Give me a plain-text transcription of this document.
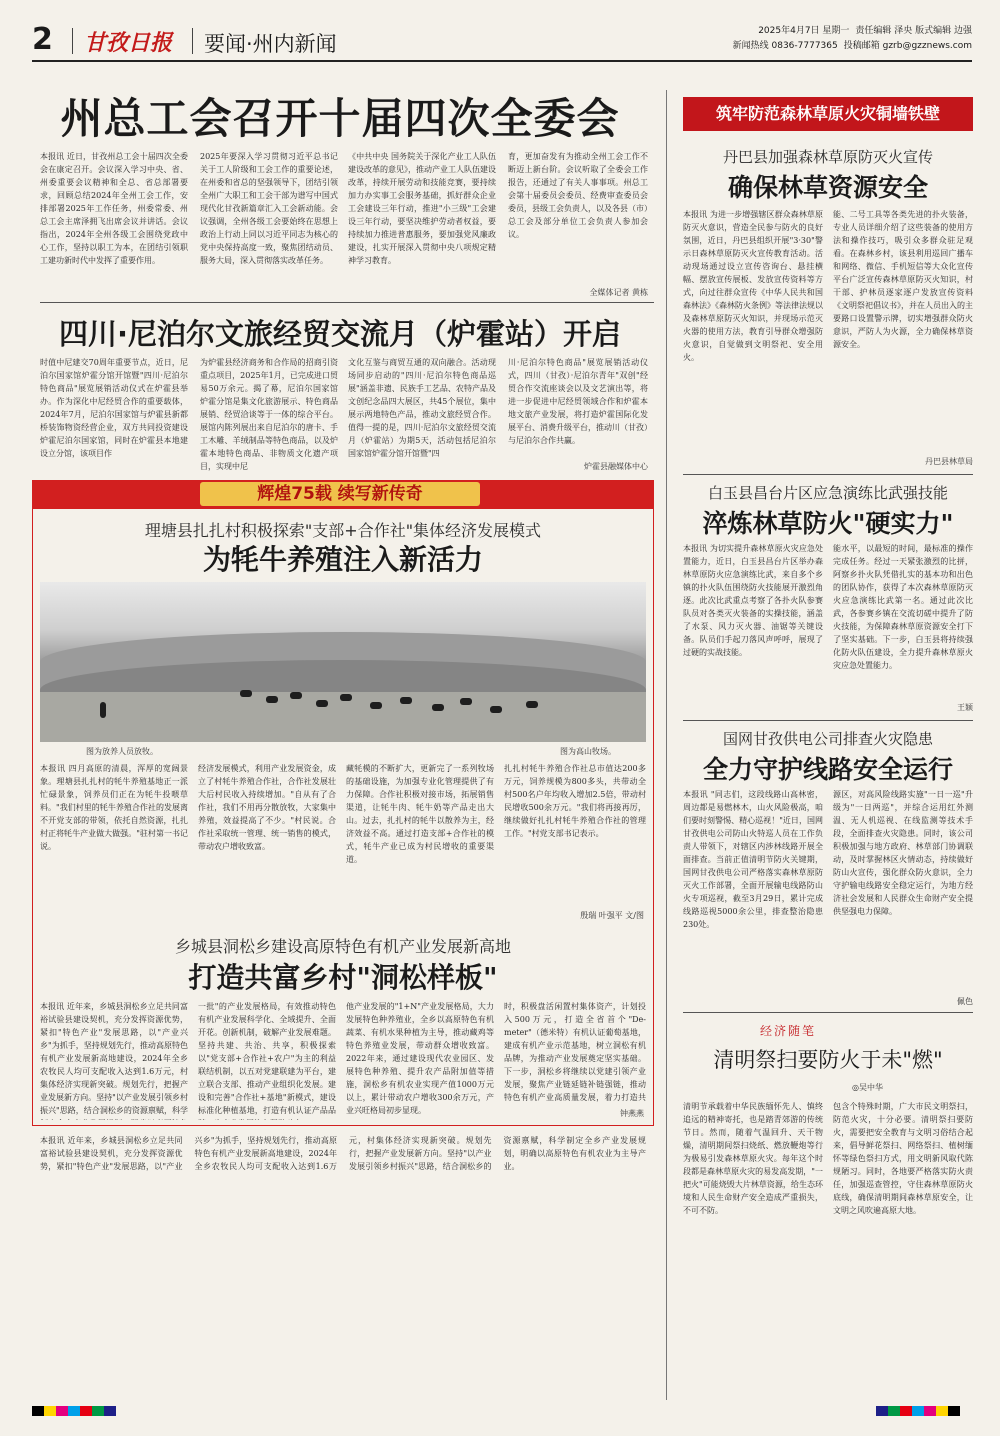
2 甘孜日报 要闻·州内新闻
2025年4月7日 星期一 责任编辑 泽央 版式编辑 边强
新闻热线 0836-7777365 投稿邮箱 gzrb@gzznews.com
州总工会召开十届四次全委会
本报讯 近日，甘孜州总工会十届四次全委会在康定召开。会议深入学习中央、省、州委重要会议精神和全总、省总部署要求，回顾总结2024年全州工会工作，安排部署2025年工作任务，州委常委、州总工会主席泽拥飞出席会议并讲话。会议指出，2024年全州各级工会围绕党政中心工作，坚持以职工为本，在团结引领职工建功新时代中发挥了重要作用。
2025年要深入学习贯彻习近平总书记关于工人阶级和工会工作的重要论述，在州委和省总的坚强领导下，团结引领全州广大职工和工会干部为谱写中国式现代化甘孜新篇章汇入工会新动能。会议强调，全州各级工会要始终在思想上政治上行动上同以习近平同志为核心的党中央保持高度一致，聚焦团结动员、服务大局，深入贯彻落实改革任务。
《中共中央 国务院关于深化产业工人队伍建设改革的意见》，推动产业工人队伍建设改革，持续开展劳动和技能竞赛，要持续加力办实事工会服务基础，抓好群众企业工会建设三年行动，推进"小三级"工会建设三年行动，要坚决维护劳动者权益，要持续加力推进普惠服务，要加强党风廉政建设，扎实开展深入贯彻中央八项规定精神学习教育。
育，更加奋发有为推动全州工会工作不断迈上新台阶。会议听取了全委会工作报告，还通过了有关人事事项。州总工会第十届委员会委员、经费审查委员会委员，县级工会负责人，以及各县（市）总工会及部分单位工会负责人参加会议。
全媒体记者 黄栋
四川·尼泊尔文旅经贸交流月（炉霍站）开启
时值中尼建交70周年重要节点，近日，尼泊尔国家馆炉霍分馆开馆暨"四川·尼泊尔特色商品"展览展销活动仪式在炉霍县举办。作为深化中尼经贸合作的重要载体，2024年7月，尼泊尔国家馆与炉霍县新都桥装饰物资经营企业，双方共同投资建设炉霍尼泊尔国家馆，同时在炉霍县本地建设立分馆，该项目作
为炉霍县经济商务和合作局的招商引资重点项目，2025年1月，已完成进口贸易50万余元。揭了幕，尼泊尔国家馆炉霍分馆是集文化旅游展示、特色商品展销、经贸洽谈等于一体的综合平台。展馆内陈列展出来自尼泊尔的唐卡、手工木雕、羊绒制品等特色商品，以及炉霍本地特色商品、非物质文化遗产项目，实现中尼
文化互鉴与商贸互通的双向融合。活动现场同步启动的"四川·尼泊尔特色商品巡展"涵盖非遗、民族手工艺品、农特产品及文创纪念品四大展区，共45个展位，集中展示两地特色产品，推动文旅经贸合作。值得一提的是，四川·尼泊尔文旅经贸交流月（炉霍站）为期5天，活动包括尼泊尔国家馆炉霍分馆开馆暨"四
川·尼泊尔特色商品"展览展销活动仪式，四川（甘孜）·尼泊尔青年"双创"经贸合作交流座谈会以及文艺演出等，将进一步促进中尼经贸领域合作和炉霍本地文旅产业发展，将打造炉霍国际化发展平台、消费升级平台，推动川（甘孜）与尼泊尔合作共赢。
炉霍县融媒体中心
辉煌75载 续写新传奇
理塘县扎扎村积极探索"支部+合作社"集体经济发展模式
为牦牛养殖注入新活力
图为放养人员放牧。	图为高山牧场。
本报讯 四月高原的清晨，浑厚的宽阔景象。理塘县扎扎村的牦牛养殖基地正一派忙碌景象，饲养员们正在为牦牛投喂草料。"我们村里的牦牛养殖合作社的发展离不开党支部的带领，依托自然资源，扎扎村正将牦牛产业做大做强。"驻村第一书记说。
经济发展模式，利用产业发展资金，成立了村牦牛养殖合作社，合作社发展壮大后村民收入持续增加。"自从有了合作社，我们不用再分散放牧，大家集中养殖，效益提高了不少。"村民说。合作社采取统一管理、统一销售的模式，带动农户增收致富。
藏牦模的不断扩大，更新完了一系列牧场的基础设施，为加强专业化管理提供了有力保障。合作社积极对接市场，拓展销售渠道，让牦牛肉、牦牛奶等产品走出大山。过去，扎扎村的牦牛以散养为主，经济效益不高。通过打造支部+合作社的模式，牦牛产业已成为村民增收的重要渠道。
扎扎村牦牛养殖合作社总市值达200多万元，饲养规模为800多头，共带动全村500名户年均收入增加2.5倍，带动村民增收500余万元。"我们将再接再厉，继续做好扎扎村牦牛养殖合作社的管理工作。"村党支部书记表示。
殷瑞 叶强平 文/图
乡城县洞松乡建设高原特色有机产业发展新高地
打造共富乡村"洞松样板"
本报讯 近年来，乡城县洞松乡立足共同富裕试验县建设契机，充分发挥资源优势，紧扣"特色产业"发展思路，以"产业兴乡"为抓手，坚持规划先行，推动高原特色有机产业发展新高地建设，2024年全乡农牧民人均可支配收入达到1.6万元，村集体经济实现新突破。规划先行，把握产业发展新方向。坚持"以产业发展引领乡村振兴"思路，结合洞松乡的资源禀赋，科学
一批"的产业发展格局，有效推动特色有机产业发展科学化、全域提升、全面开花。创新机制，破解产业发展难题。坚持共建、共治、共享，积极探索以"党支部+合作社+农户"为主的利益联结机制，以五对党建联建为平台，建立联合支部、推动产业组织化发展。建设和完善"合作社+基地"新模式，建设标准化种植基地，打造有机认证产品品
他产业发展的"1+N"产业发展格局，大力发展特色种养殖业，全乡以高原特色有机蔬菜、有机水果种植为主导，推动藏鸡等特色养殖业发展，带动群众增收致富。2022年来，通过建设现代农业园区、发展特色种养殖、提升农产品附加值等措施，洞松乡有机农业实现产值1000万元以上，累计带动农户增收300余万元，产业兴旺格局初步显现。
时，积极盘活闲置村集体资产，计划投入500万元，打造全省首个"De-meter"（德米特）有机认证葡萄基地，建成有机产业示范基地，树立洞松有机品牌，为推动产业发展奠定坚实基础。下一步，洞松乡将继续以党建引领产业发展，聚焦产业链延链补链强链，推动特色有机产业高质量发展，着力打造共
钟燕燕
本报讯 近年来，乡城县洞松乡立足共同富裕试验县建设契机，充分发挥资源优势，紧扣"特色产业"发展思路，以"产业兴乡"为抓手，坚持规划先行，推动高原特色有机产业发展新高地建设，2024年全乡农牧民人均可支配收入达到1.6万元，村集体经济实现新突破。规划先行，把握产业发展新方向。坚持"以产业发展引领乡村振兴"思路，结合洞松乡的资源禀赋，科学制定全乡产业发展规划，明确以高原特色有机农业为主导产业。
筑牢防范森林草原火灾铜墙铁壁
丹巴县加强森林草原防灭火宣传
确保林草资源安全
本报讯 为进一步增强辖区群众森林草原防灭火意识，营造全民参与防火的良好氛围，近日，丹巴县组织开展"3·30"警示日森林草原防灭火宣传教育活动。活动现场通过设立宣传咨询台、悬挂横幅、摆放宣传展板、发放宣传资料等方式，向过往群众宣传《中华人民共和国森林法》《森林防火条例》等法律法规以及森林草原防灭火知识，并现场示范灭火器的使用方法，教育引导群众增强防火意识，自觉做到文明祭祀、安全用火。
能、二号工具等各类先进的扑火装备，专业人员详细介绍了这些装备的使用方法和操作技巧，吸引众多群众驻足观看。在森林乡村，该县利用巡回广播车和网络、微信、手机短信等大众化宣传平台广泛宣传森林草原防灭火知识，村干部、护林员逐家逐户发放宣传资料《文明祭祀倡议书》，并在人员出入的主要路口设置警示牌，切实增强群众防火意识，严防人为火源，全力确保林草资源安全。
丹巴县林草局
白玉县昌台片区应急演练比武强技能
淬炼林草防火"硬实力"
本报讯 为切实提升森林草原火灾应急处置能力，近日，白玉县昌台片区举办森林草原防火应急演练比武，来自多个乡镇的扑火队伍围绕防火技能展开激烈角逐。此次比武重点考察了各扑火队参赛队员对各类灭火装备的实操技能，涵盖了水泵、风力灭火器、油锯等关键设备。队员们手起刀落风声呼呼，展现了过硬的实战技能。
能水平，以最短的时间，最标准的操作完成任务。经过一天紧张激烈的比拼，阿察乡扑火队凭借扎实的基本功和出色的团队协作，获得了本次森林草原防灭火应急演练比武第一名。通过此次比武，各参赛乡镇在交流切磋中提升了防火技能，为保障森林草原资源安全打下了坚实基础。下一步，白玉县将持续强化防火队伍建设，全力提升森林草原火灾应急处置能力。
王颖
国网甘孜供电公司排查火灾隐患
全力守护线路安全运行
本报讯 "同志们，这段线路山高林密，周边都是易燃林木，山火风险极高，咱们要时刻警惕、精心巡视！"近日，国网甘孜供电公司防山火特巡人员在工作负责人带领下，对辖区内涉林线路开展全面排查。当前正值清明节防火关键期，国网甘孜供电公司严格落实森林草原防灭火工作部署，全面开展输电线路防山火专项巡视，截至3月29日，累计完成线路巡视5000余公里，排查整治隐患230处。
源区，对高风险线路实施"一日一巡"升级为"一日两巡"，并综合运用红外测温、无人机巡视、在线监测等技术手段，全面排查火灾隐患。同时，该公司积极加强与地方政府、林草部门协调联动，及时掌握林区火情动态，持续做好防山火宣传，强化群众防火意识，全力守护输电线路安全稳定运行，为地方经济社会发展和人民群众生命财产安全提供坚强电力保障。
佩色
经济随笔
清明祭扫要防火于未"燃"
◎吴中华
清明节承载着中华民族缅怀先人、慎终追远的精神寄托，也是踏青郊游的传统节日。然而，随着气温回升、天干物燥，清明期间祭扫烧纸、燃放鞭炮等行为极易引发森林草原火灾。每年这个时段都是森林草原火灾的易发高发期，"一把火"可能烧毁大片林草资源，给生态环境和人民生命财产安全造成严重损失，不可不防。
包含个特殊时期，广大市民文明祭扫，防范火灾，十分必要。清明祭扫要防火，需要把安全教育与文明习俗结合起来，倡导鲜花祭扫、网络祭扫、植树缅怀等绿色祭扫方式，用文明新风取代陈规陋习。同时，各地要严格落实防火责任，加强巡查管控，守住森林草原防火底线，确保清明期间森林草原安全，让文明之风吹遍高原大地。
